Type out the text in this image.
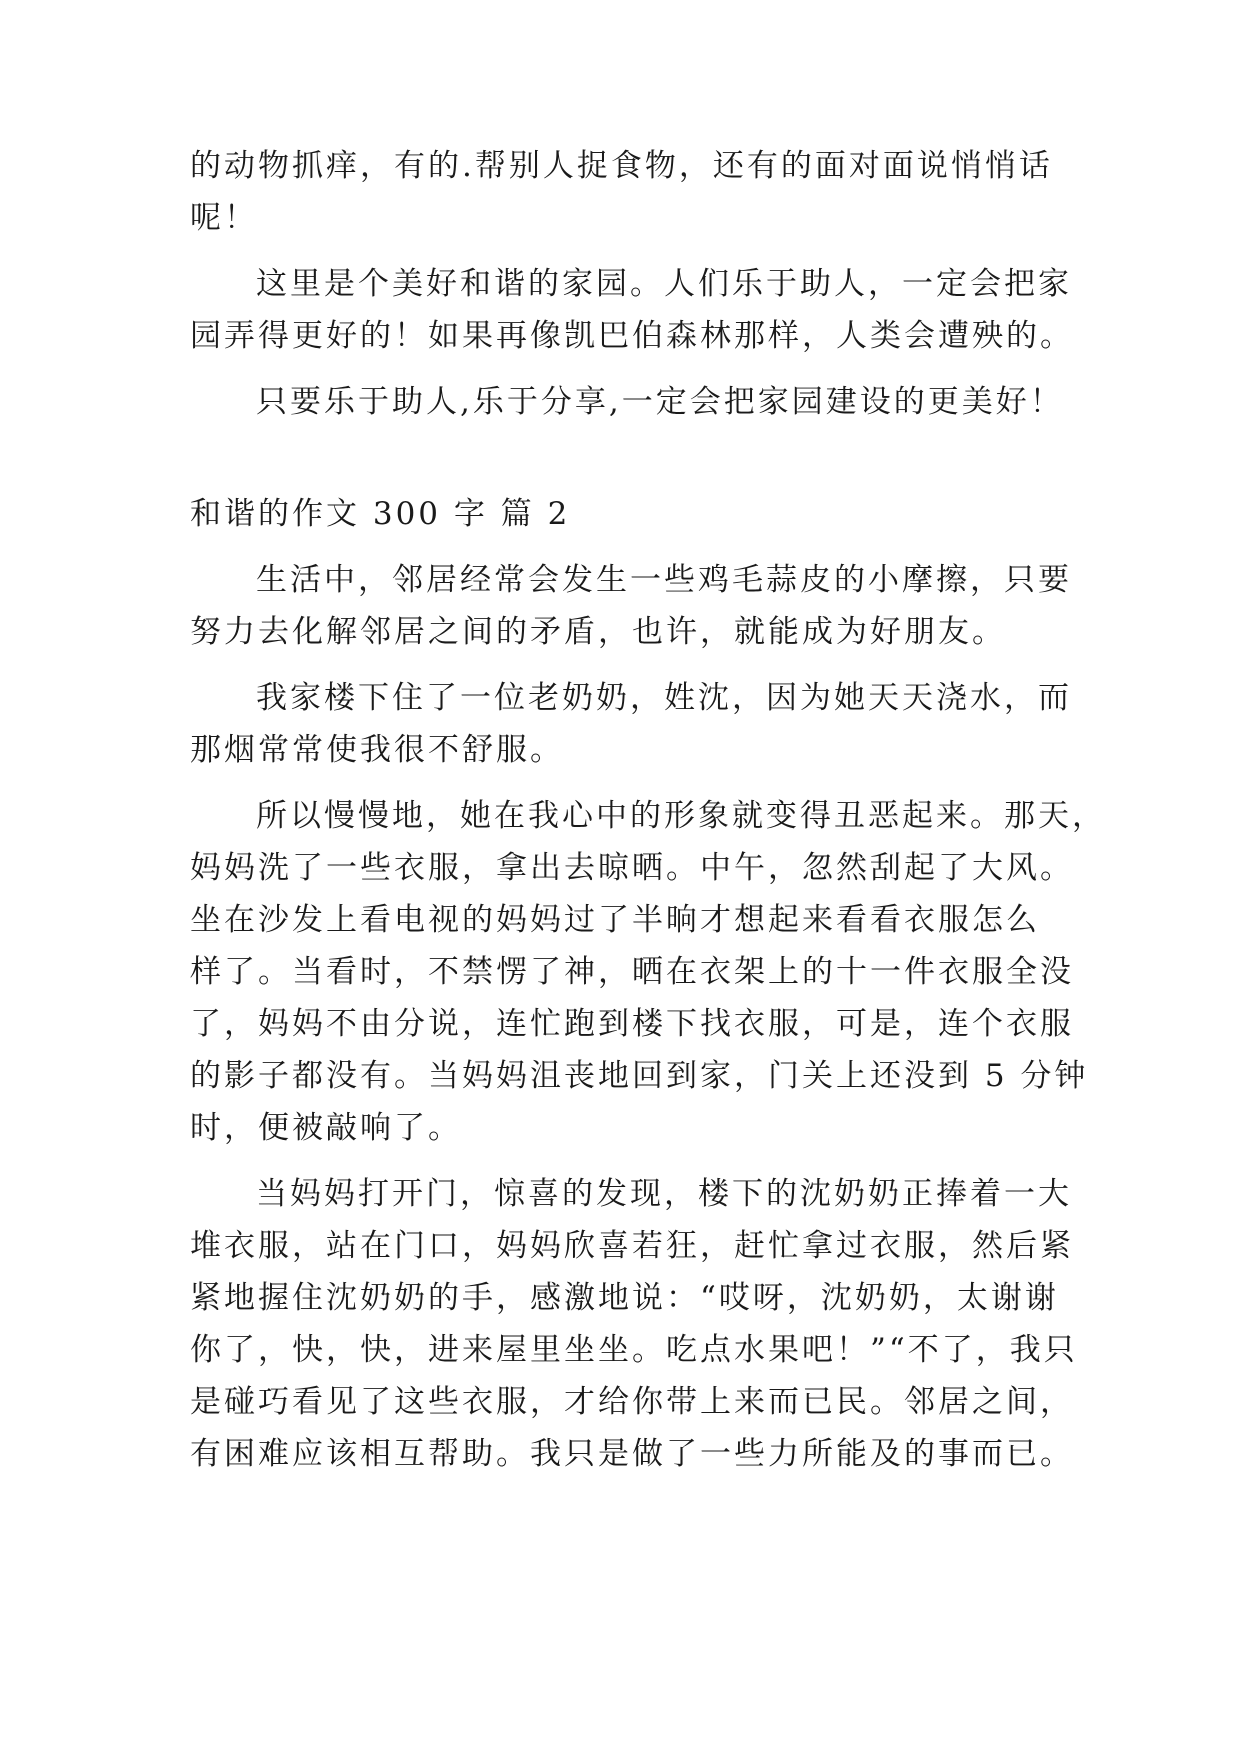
的动物抓痒，有的.帮别人捉食物，还有的面对面说悄悄话
呢！
这里是个美好和谐的家园。人们乐于助人，一定会把家
园弄得更好的！如果再像凯巴伯森林那样，人类会遭殃的。
只要乐于助人,乐于分享,一定会把家园建设的更美好！
和谐的作文 300 字 篇 2
生活中，邻居经常会发生一些鸡毛蒜皮的小摩擦，只要
努力去化解邻居之间的矛盾，也许，就能成为好朋友。
我家楼下住了一位老奶奶，姓沈，因为她天天浇水，而
那烟常常使我很不舒服。
所以慢慢地，她在我心中的形象就变得丑恶起来。那天，
妈妈洗了一些衣服，拿出去晾晒。中午，忽然刮起了大风。
坐在沙发上看电视的妈妈过了半晌才想起来看看衣服怎么
样了。当看时，不禁愣了神，晒在衣架上的十一件衣服全没
了，妈妈不由分说，连忙跑到楼下找衣服，可是，连个衣服
的影子都没有。当妈妈沮丧地回到家，门关上还没到 5 分钟
时，便被敲响了。
当妈妈打开门，惊喜的发现，楼下的沈奶奶正捧着一大
堆衣服，站在门口，妈妈欣喜若狂，赶忙拿过衣服，然后紧
紧地握住沈奶奶的手，感激地说：“哎呀，沈奶奶，太谢谢
你了，快，快，进来屋里坐坐。吃点水果吧！”“不了，我只
是碰巧看见了这些衣服，才给你带上来而已民。邻居之间，
有困难应该相互帮助。我只是做了一些力所能及的事而已。
